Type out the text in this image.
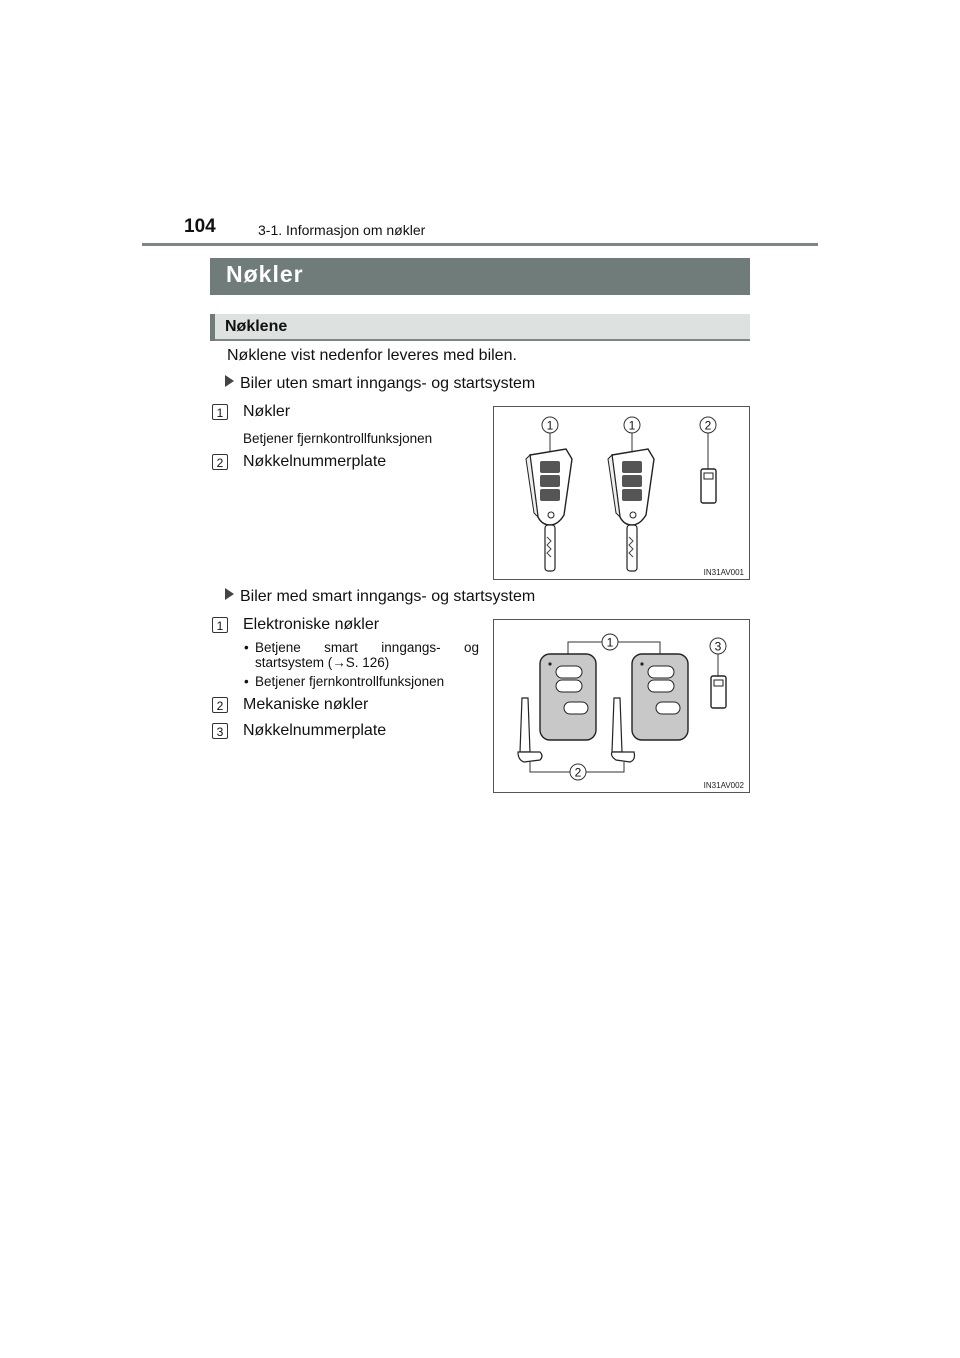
104	3-1. Informasjon om nøkler
Nøkler
Nøklene
Nøklene vist nedenfor leveres med bilen.
Biler uten smart inngangs- og startsystem
1 Nøkler
Betjener fjernkontrollfunksjonen
2 Nøkkelnummerplate
1	1	2
IN31AV001
Biler med smart inngangs- og startsystem
1 Elektroniske nøkler
• Betjene smart inngangs- og startsystem (→S. 126)
• Betjener fjernkontrollfunksjonen
2 Mekaniske nøkler
3 Nøkkelnummerplate
1	3
2
IN31AV002
